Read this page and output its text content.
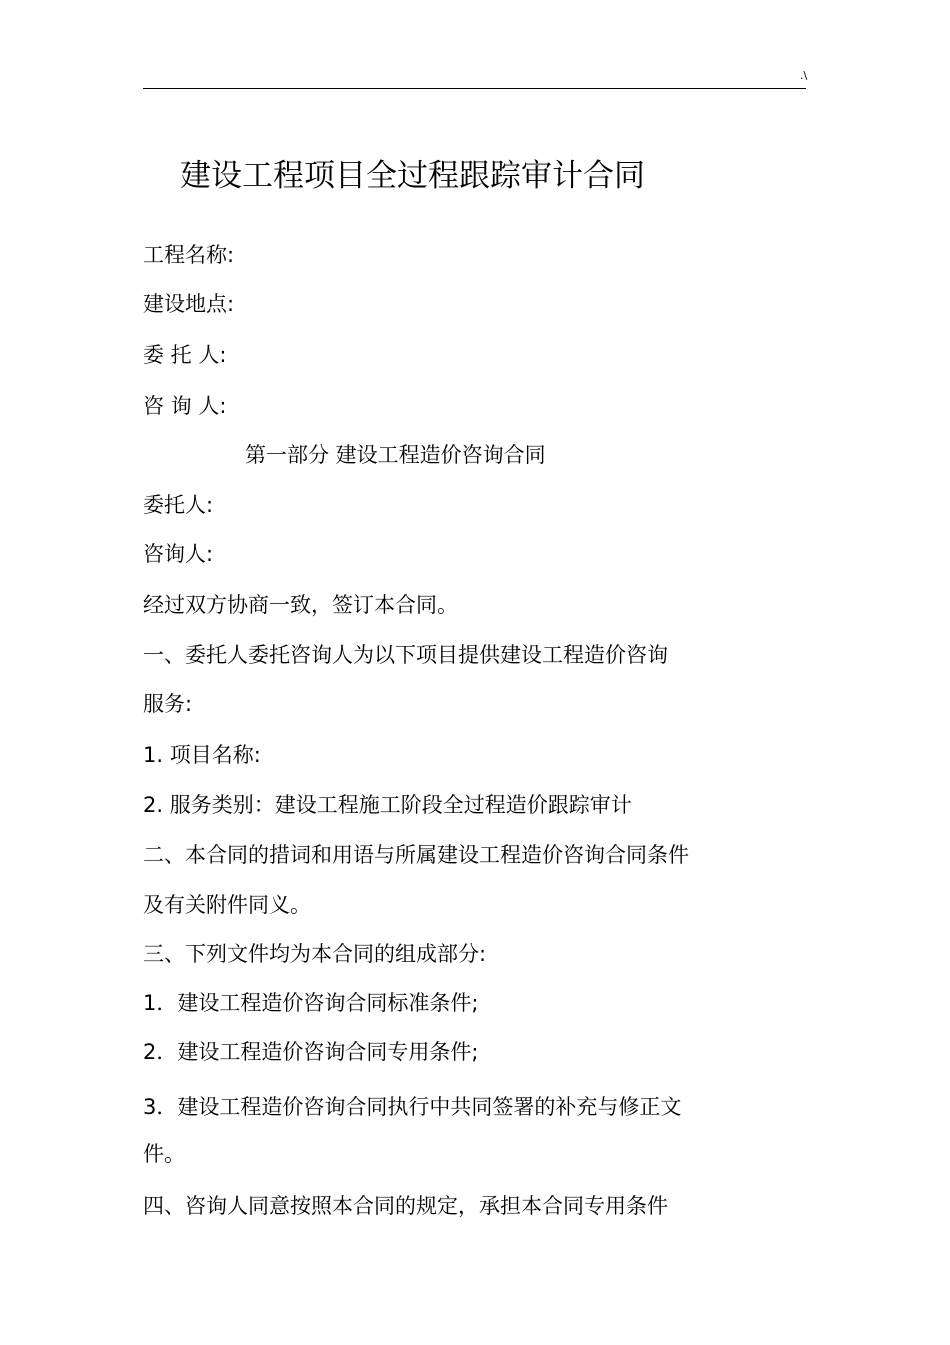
.\
建设工程项目全过程跟踪审计合同
工程名称:
建设地点:
委 托 人:
咨 询 人:
第一部分 建设工程造价咨询合同
委托人:
咨询人:
经过双方协商一致，签订本合同。
一、委托人委托咨询人为以下项目提供建设工程造价咨询
服务:
1. 项目名称:
2. 服务类别：建设工程施工阶段全过程造价跟踪审计
二、本合同的措词和用语与所属建设工程造价咨询合同条件
及有关附件同义。
三、下列文件均为本合同的组成部分:
1．建设工程造价咨询合同标准条件;
2．建设工程造价咨询合同专用条件;
3．建设工程造价咨询合同执行中共同签署的补充与修正文
件。
四、咨询人同意按照本合同的规定，承担本合同专用条件
